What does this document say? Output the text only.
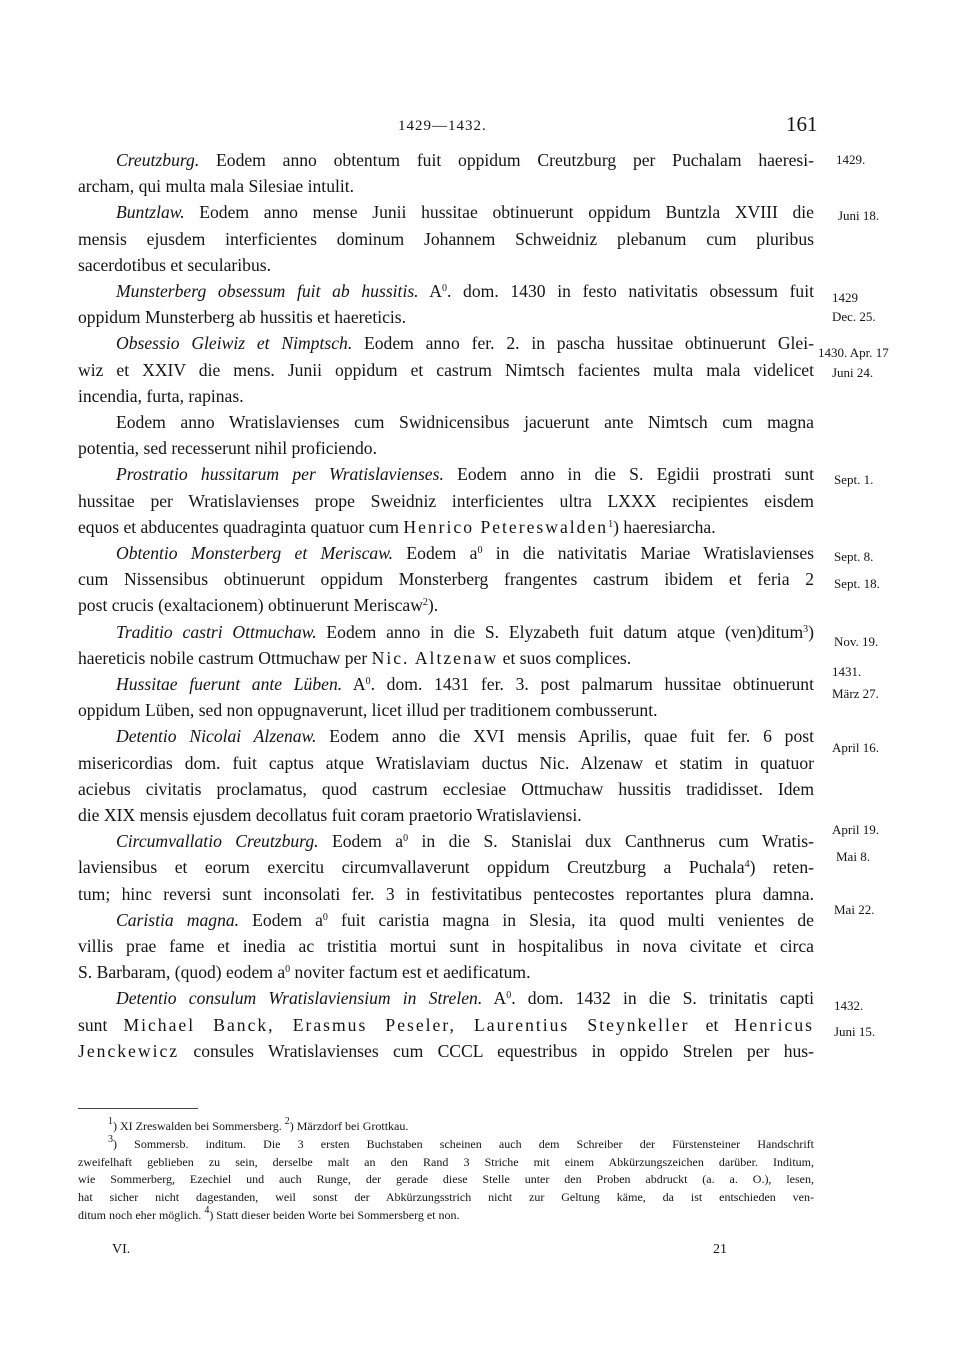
1429—1432.	161
Creutzburg. Eodem anno obtentum fuit oppidum Creutzburg per Puchalam haeresi-
archam, qui multa mala Silesiae intulit.
Buntzlaw. Eodem anno mense Junii hussitae obtinuerunt oppidum Buntzla XVIII die
mensis ejusdem interficientes dominum Johannem Schweidniz plebanum cum pluribus
sacerdotibus et secularibus.
Munsterberg obsessum fuit ab hussitis. $A^0$. dom. 1430 in festo nativitatis obsessum fuit
oppidum Munsterberg ab hussitis et haereticis.
Obsessio Gleiwiz et Nimptsch. Eodem anno fer. 2. in pascha hussitae obtinuerunt Glei-
wiz et XXIV die mens. Junii oppidum et castrum Nimtsch facientes multa mala videlicet
incendia, furta, rapinas.
Eodem anno Wratislavienses cum Swidnicensibus jacuerunt ante Nimtsch cum magna
potentia, sed recesserunt nihil proficiendo.
Prostratio hussitarum per Wratislavienses. Eodem anno in die S. Egidii prostrati sunt
hussitae per Wratislavienses prope Sweidniz interficientes ultra LXXX recipientes eisdem
equos et abducentes quadraginta quatuor cum Henrico Petereswalden$^1$) haeresiarcha.
Obtentio Monsterberg et Meriscaw. Eodem $a^0$ in die nativitatis Mariae Wratislavienses
cum Nissensibus obtinuerunt oppidum Monsterberg frangentes castrum ibidem et feria 2
post crucis (exaltacionem) obtinuerunt Meriscaw$^2$).
Traditio castri Ottmuchaw. Eodem anno in die S. Elyzabeth fuit datum atque (ven)ditum$^3$)
haereticis nobile castrum Ottmuchaw per Nic. Altzenaw et suos complices.
Hussitae fuerunt ante Lüben. $A^0$. dom. 1431 fer. 3. post palmarum hussitae obtinuerunt
oppidum Lüben, sed non oppugnaverunt, licet illud per traditionem combusserunt.
Detentio Nicolai Alzenaw. Eodem anno die XVI mensis Aprilis, quae fuit fer. 6 post
misericordias dom. fuit captus atque Wratislaviam ductus Nic. Alzenaw et statim in quatuor
aciebus civitatis proclamatus, quod castrum ecclesiae Ottmuchaw hussitis tradidisset. Idem
die XIX mensis ejusdem decollatus fuit coram praetorio Wratislaviensi.
Circumvallatio Creutzburg. Eodem $a^0$ in die S. Stanislai dux Canthnerus cum Wratis-
laviensibus et eorum exercitu circumvallaverunt oppidum Creutzburg a Puchala$^4$) reten-
tum; hinc reversi sunt inconsolati fer. 3 in festivitatibus pentecostes reportantes plura damna.
Caristia magna. Eodem $a^0$ fuit caristia magna in Slesia, ita quod multi venientes de
villis prae fame et inedia ac tristitia mortui sunt in hospitalibus in nova civitate et circa
S. Barbaram, (quod) eodem $a^0$ noviter factum est et aedificatum.
Detentio consulum Wratislaviensium in Strelen. $A^0$. dom. 1432 in die S. trinitatis capti
sunt Michael Banck, Erasmus Peseler, Laurentius Steynkeller et Henricus
Jenckewicz consules Wratislavienses cum CCCL equestribus in oppido Strelen per hus-
1429.
Juni 18.
1429
Dec. 25.
1430. Apr. 17
Juni 24.
Sept. 1.
Sept. 8.
Sept. 18.
Nov. 19.
1431.
März 27.
April 16.
April 19.
Mai 8.
Mai 22.
1432.
Juni 15.
$^1$) XI Zreswalden bei Sommersberg. $^2$) Märzdorf bei Grottkau.
$^3$) Sommersb. inditum. Die 3 ersten Buchstaben scheinen auch dem Schreiber der Fürstensteiner Handschrift
zweifelhaft geblieben zu sein, derselbe malt an den Rand 3 Striche mit einem Abkürzungszeichen darüber. Inditum,
wie Sommerberg, Ezechiel und auch Runge, der gerade diese Stelle unter den Proben abdruckt (a. a. O.), lesen,
hat sicher nicht dagestanden, weil sonst der Abkürzungsstrich nicht zur Geltung käme, da ist entschieden ven-
ditum noch eher möglich. $^4$) Statt dieser beiden Worte bei Sommersberg et non.
VI.	21
